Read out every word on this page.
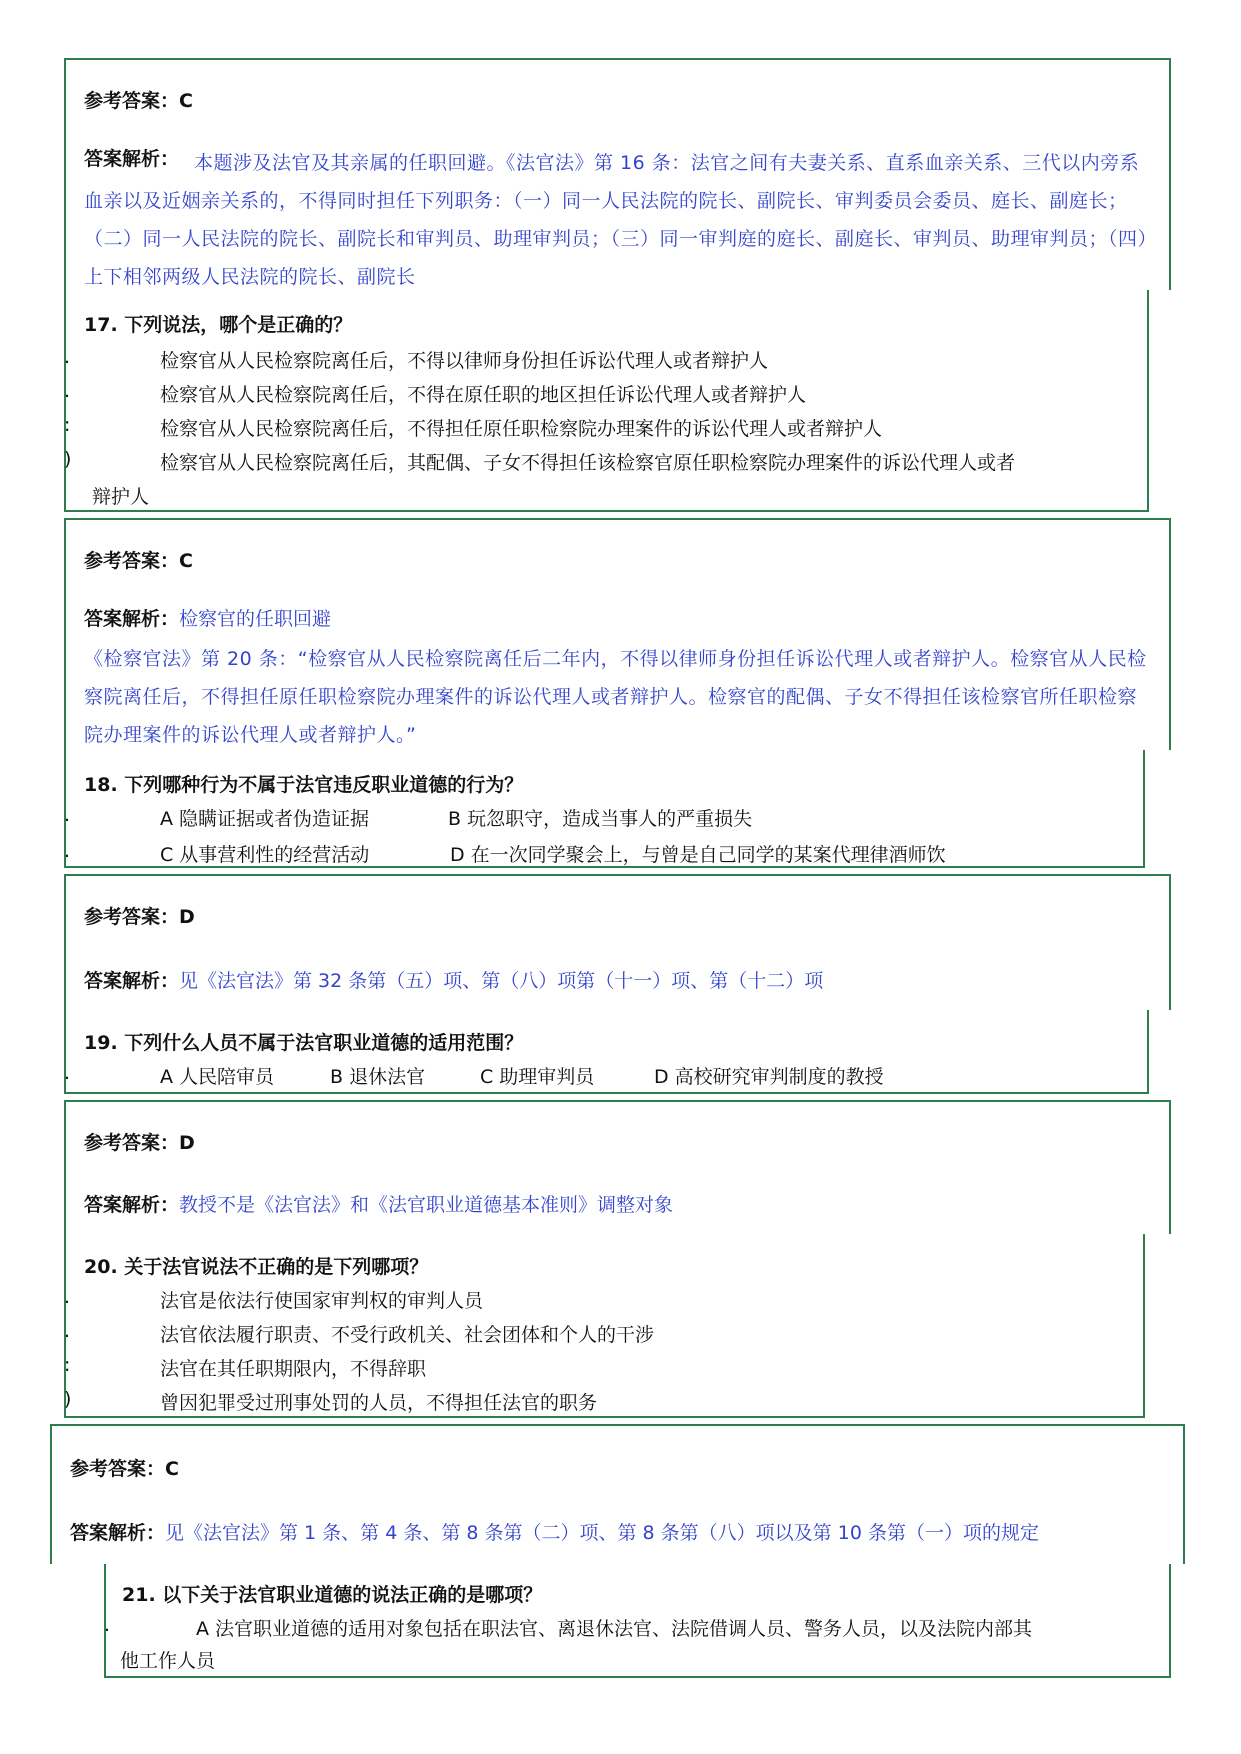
参考答案：C
答案解析： 本题涉及法官及其亲属的任职回避。《法官法》第 16 条：法官之间有夫妻关系、直系血亲关系、三代以内旁系血亲以及近姻亲关系的，不得同时担任下列职务：（一）同一人民法院的院长、副院长、审判委员会委员、庭长、副庭长；（二）同一人民法院的院长、副院长和审判员、助理审判员；（三）同一审判庭的庭长、副庭长、审判员、助理审判员；（四）上下相邻两级人民法院的院长、副院长
17. 下列说法，哪个是正确的？
.	检察官从人民检察院离任后，不得以律师身份担任诉讼代理人或者辩护人
.	检察官从人民检察院离任后，不得在原任职的地区担任诉讼代理人或者辩护人
:	检察官从人民检察院离任后，不得担任原任职检察院办理案件的诉讼代理人或者辩护人
)	检察官从人民检察院离任后，其配偶、子女不得担任该检察官原任职检察院办理案件的诉讼代理人或者
辩护人
参考答案：C
答案解析：检察官的任职回避
《检察官法》第 20 条：“检察官从人民检察院离任后二年内，不得以律师身份担任诉讼代理人或者辩护人。检察官从人民检察院离任后，不得担任原任职检察院办理案件的诉讼代理人或者辩护人。检察官的配偶、子女不得担任该检察官所任职检察院办理案件的诉讼代理人或者辩护人。”
18. 下列哪种行为不属于法官违反职业道德的行为？
.	A 隐瞒证据或者伪造证据	B 玩忽职守，造成当事人的严重损失
.	C 从事营利性的经营活动	D 在一次同学聚会上，与曾是自己同学的某案代理律酒师饮
参考答案：D
答案解析：见《法官法》第 32 条第（五）项、第（八）项第（十一）项、第（十二）项
19. 下列什么人员不属于法官职业道德的适用范围？
.	A 人民陪审员	B 退休法官	C 助理审判员	D 高校研究审判制度的教授
参考答案：D
答案解析：教授不是《法官法》和《法官职业道德基本准则》调整对象
20. 关于法官说法不正确的是下列哪项？
.	法官是依法行使国家审判权的审判人员
.	法官依法履行职责、不受行政机关、社会团体和个人的干涉
:	法官在其任职期限内，不得辞职
)	曾因犯罪受过刑事处罚的人员，不得担任法官的职务
参考答案：C
答案解析：见《法官法》第 1 条、第 4 条、第 8 条第（二）项、第 8 条第（八）项以及第 10 条第（一）项的规定
21. 以下关于法官职业道德的说法正确的是哪项？
.	A 法官职业道德的适用对象包括在职法官、离退休法官、法院借调人员、警务人员，以及法院内部其
他工作人员
